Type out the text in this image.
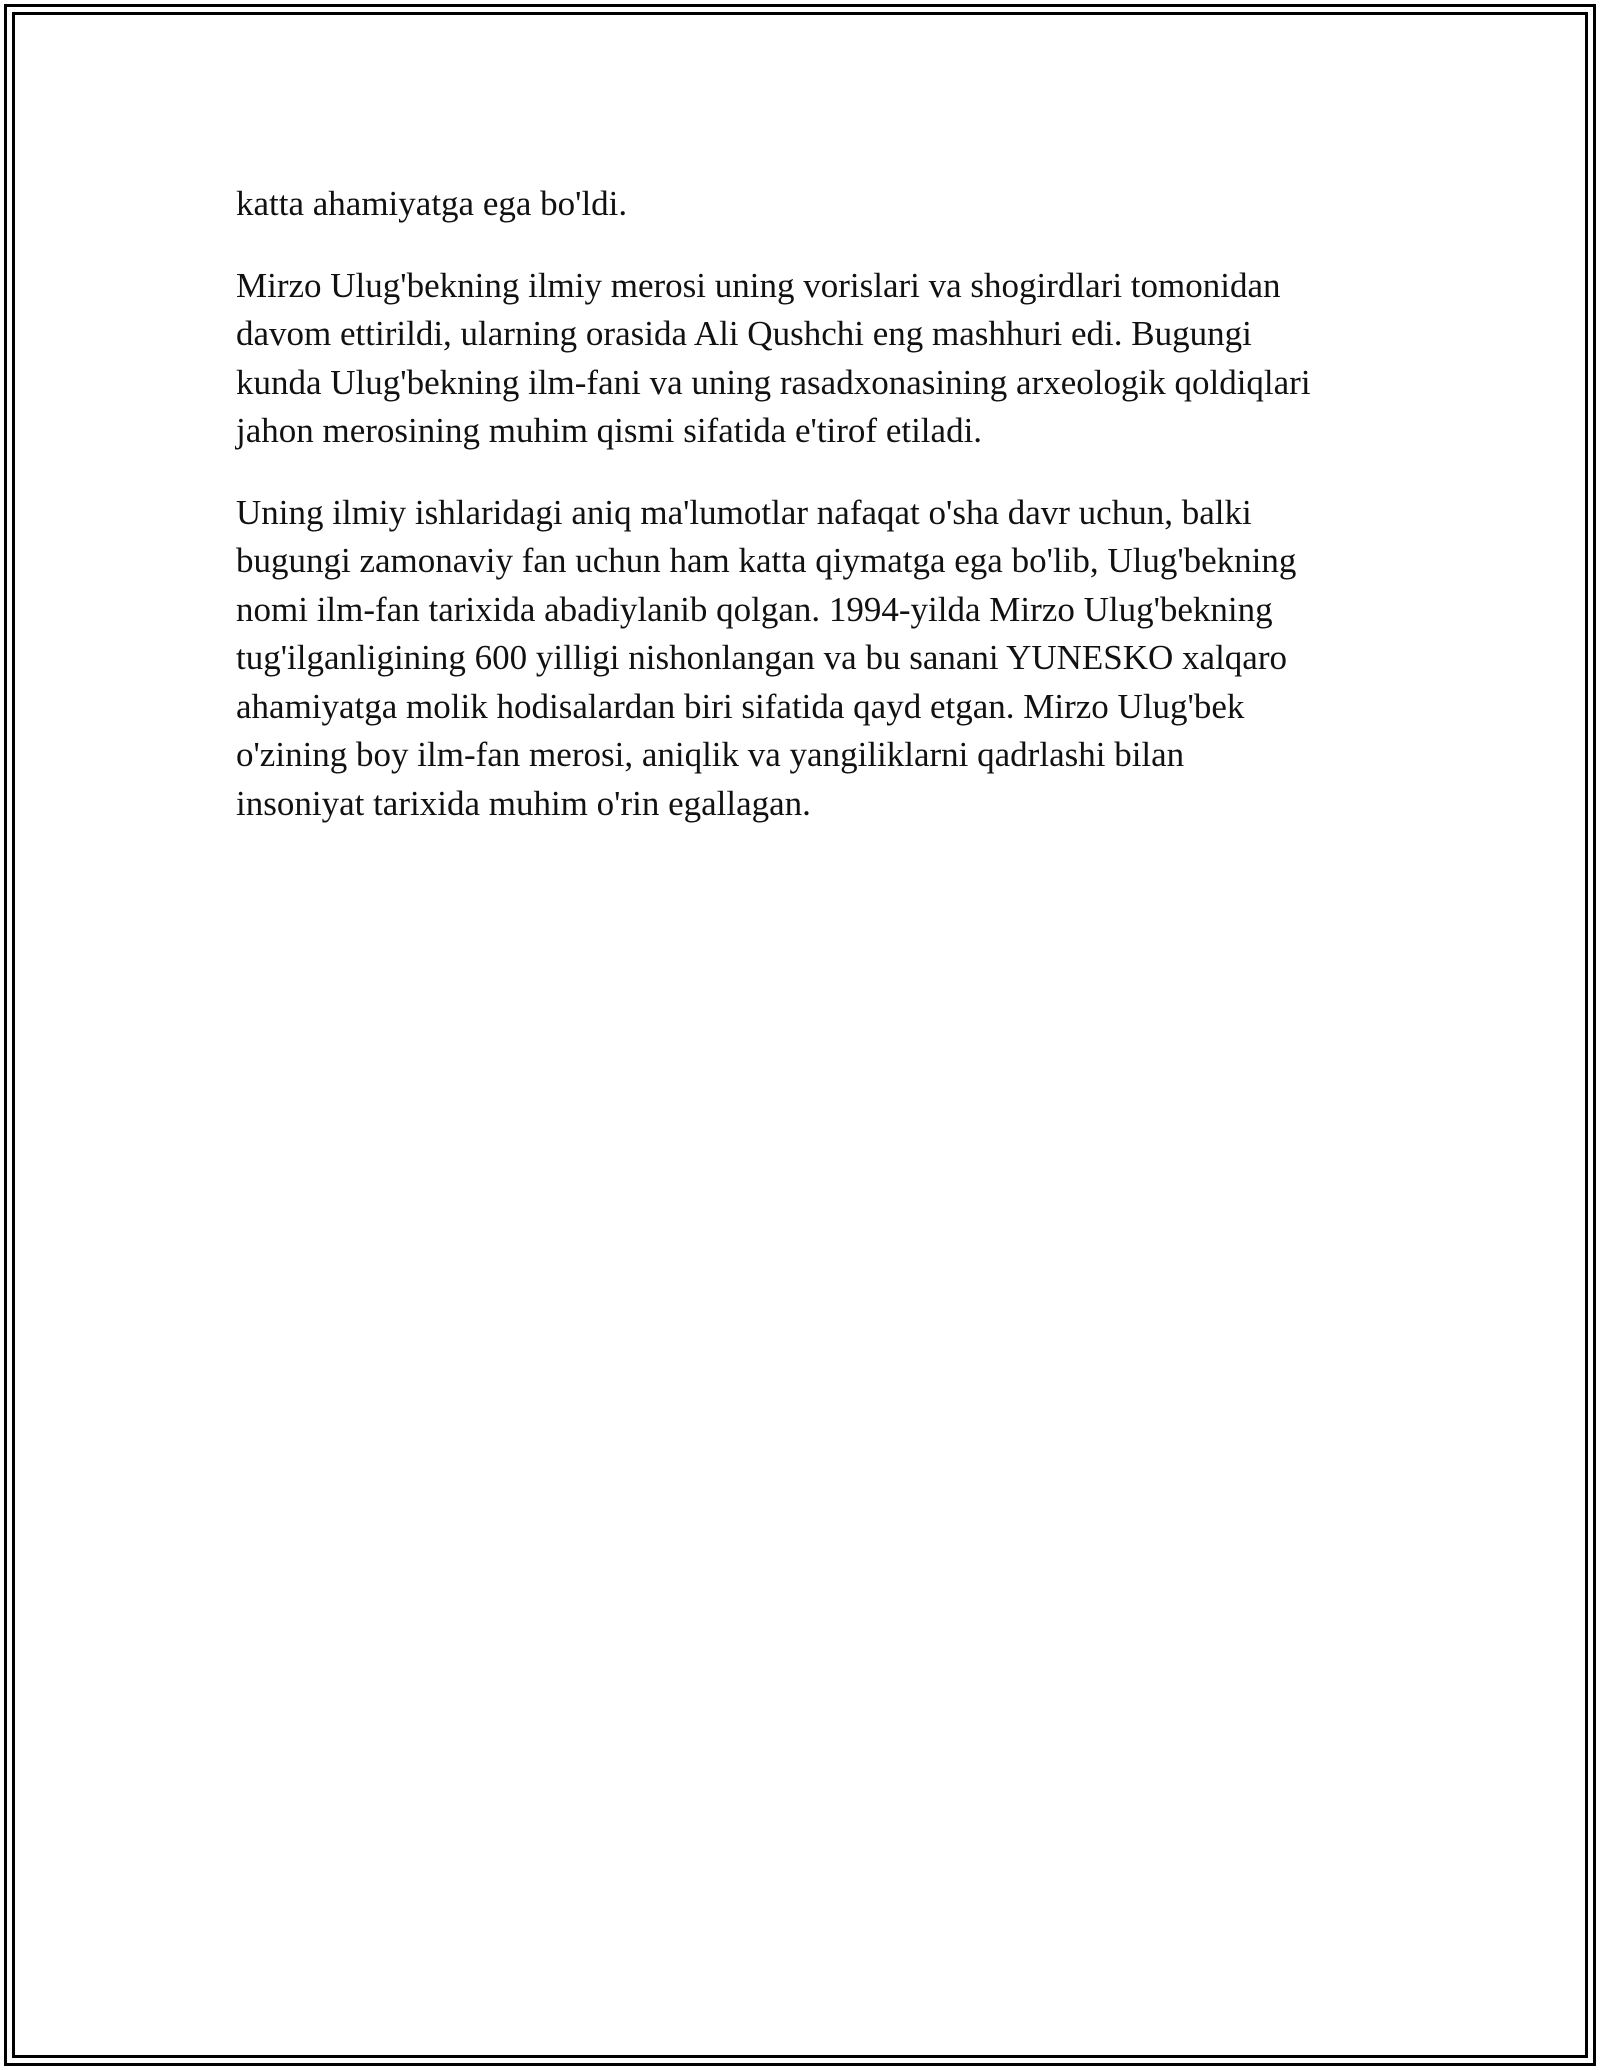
katta ahamiyatga ega bo'ldi.

Mirzo Ulug'bekning ilmiy merosi uning vorislari va shogirdlari tomonidan
davom ettirildi, ularning orasida Ali Qushchi eng mashhuri edi. Bugungi
kunda Ulug'bekning ilm-fani va uning rasadxonasining arxeologik qoldiqlari
jahon merosining muhim qismi sifatida e'tirof etiladi.

Uning ilmiy ishlaridagi aniq ma'lumotlar nafaqat o'sha davr uchun, balki
bugungi zamonaviy fan uchun ham katta qiymatga ega bo'lib, Ulug'bekning
nomi ilm-fan tarixida abadiylanib qolgan. 1994-yilda Mirzo Ulug'bekning
tug'ilganligining 600 yilligi nishonlangan va bu sanani YUNESKO xalqaro
ahamiyatga molik hodisalardan biri sifatida qayd etgan. Mirzo Ulug'bek
o'zining boy ilm-fan merosi, aniqlik va yangiliklarni qadrlashi bilan
insoniyat tarixida muhim o'rin egallagan.
